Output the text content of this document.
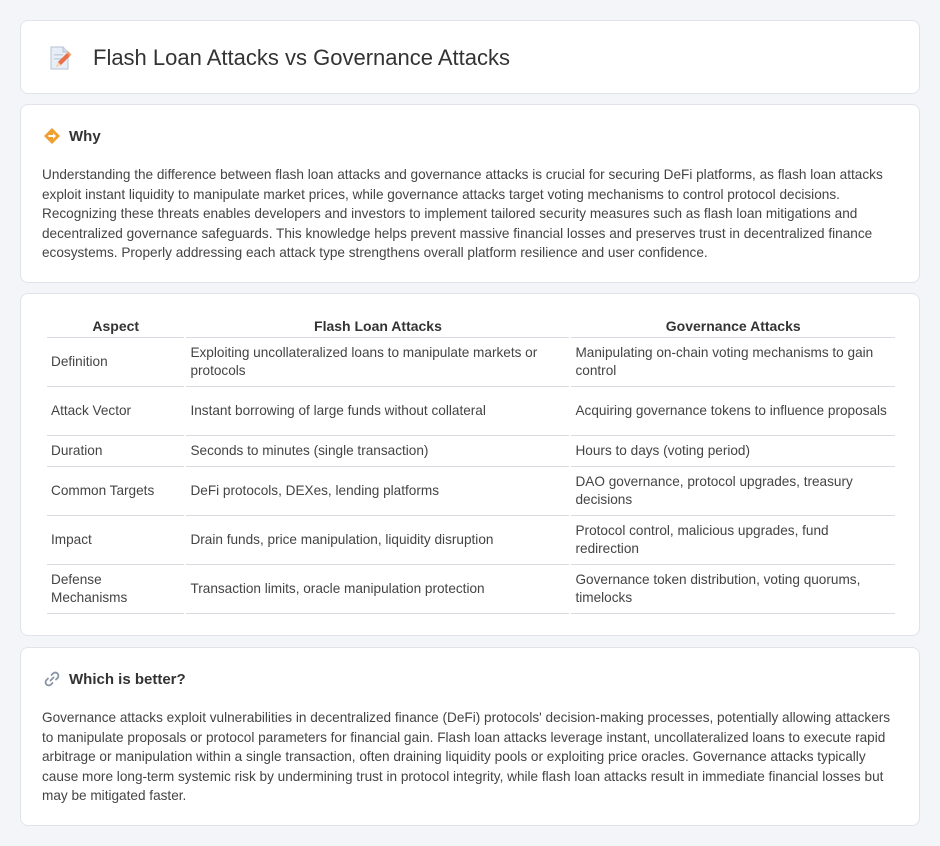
Flash Loan Attacks vs Governance Attacks
Why

Understanding the difference between flash loan attacks and governance attacks is crucial for securing DeFi platforms, as flash loan attacks exploit instant liquidity to manipulate market prices, while governance attacks target voting mechanisms to control protocol decisions. Recognizing these threats enables developers and investors to implement tailored security measures such as flash loan mitigations and decentralized governance safeguards. This knowledge helps prevent massive financial losses and preserves trust in decentralized finance ecosystems. Properly addressing each attack type strengthens overall platform resilience and user confidence.

Aspect	Flash Loan Attacks	Governance Attacks
Definition	Exploiting uncollateralized loans to manipulate markets or protocols	Manipulating on-chain voting mechanisms to gain control
Attack Vector	Instant borrowing of large funds without collateral	Acquiring governance tokens to influence proposals
Duration	Seconds to minutes (single transaction)	Hours to days (voting period)
Common Targets	DeFi protocols, DEXes, lending platforms	DAO governance, protocol upgrades, treasury decisions
Impact	Drain funds, price manipulation, liquidity disruption	Protocol control, malicious upgrades, fund redirection
Defense Mechanisms	Transaction limits, oracle manipulation protection	Governance token distribution, voting quorums, timelocks
Which is better?

Governance attacks exploit vulnerabilities in decentralized finance (DeFi) protocols' decision-making processes, potentially allowing attackers to manipulate proposals or protocol parameters for financial gain. Flash loan attacks leverage instant, uncollateralized loans to execute rapid arbitrage or manipulation within a single transaction, often draining liquidity pools or exploiting price oracles. Governance attacks typically cause more long-term systemic risk by undermining trust in protocol integrity, while flash loan attacks result in immediate financial losses but may be mitigated faster.
